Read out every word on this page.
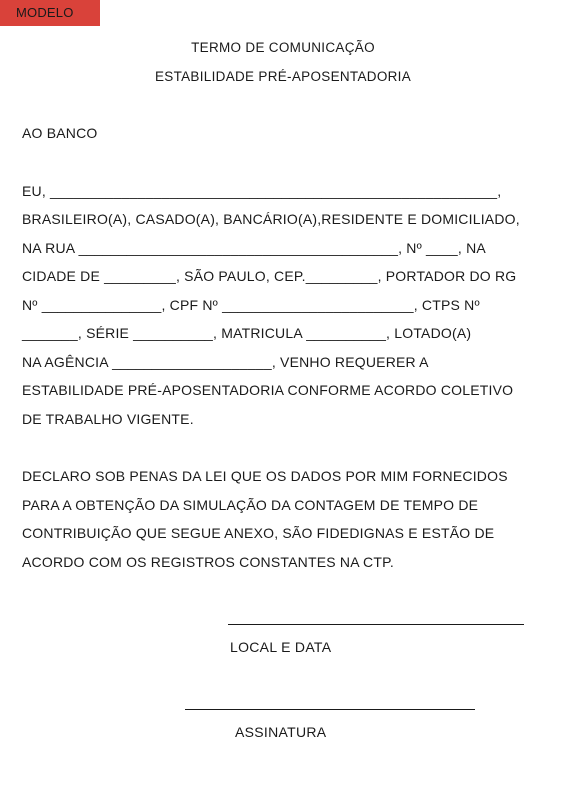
MODELO
TERMO DE COMUNICAÇÃO
ESTABILIDADE PRÉ-APOSENTADORIA
AO BANCO
EU, ________________________________________________________,
BRASILEIRO(A), CASADO(A), BANCÁRIO(A),RESIDENTE E DOMICILIADO,
NA RUA ________________________________________, Nº ____, NA
CIDADE DE _________, SÃO PAULO, CEP._________, PORTADOR DO RG
Nº _______________, CPF Nº ________________________, CTPS Nº
_______, SÉRIE __________, MATRICULA __________, LOTADO(A)
NA AGÊNCIA ____________________, VENHO REQUERER A
ESTABILIDADE PRÉ-APOSENTADORIA CONFORME ACORDO COLETIVO
DE TRABALHO VIGENTE.
DECLARO SOB PENAS DA LEI QUE OS DADOS POR MIM FORNECIDOS
PARA A OBTENÇÃO DA SIMULAÇÃO DA CONTAGEM DE TEMPO DE
CONTRIBUIÇÃO QUE SEGUE ANEXO, SÃO FIDEDIGNAS E ESTÃO DE
ACORDO COM OS REGISTROS CONSTANTES NA CTP.
LOCAL E DATA
ASSINATURA
